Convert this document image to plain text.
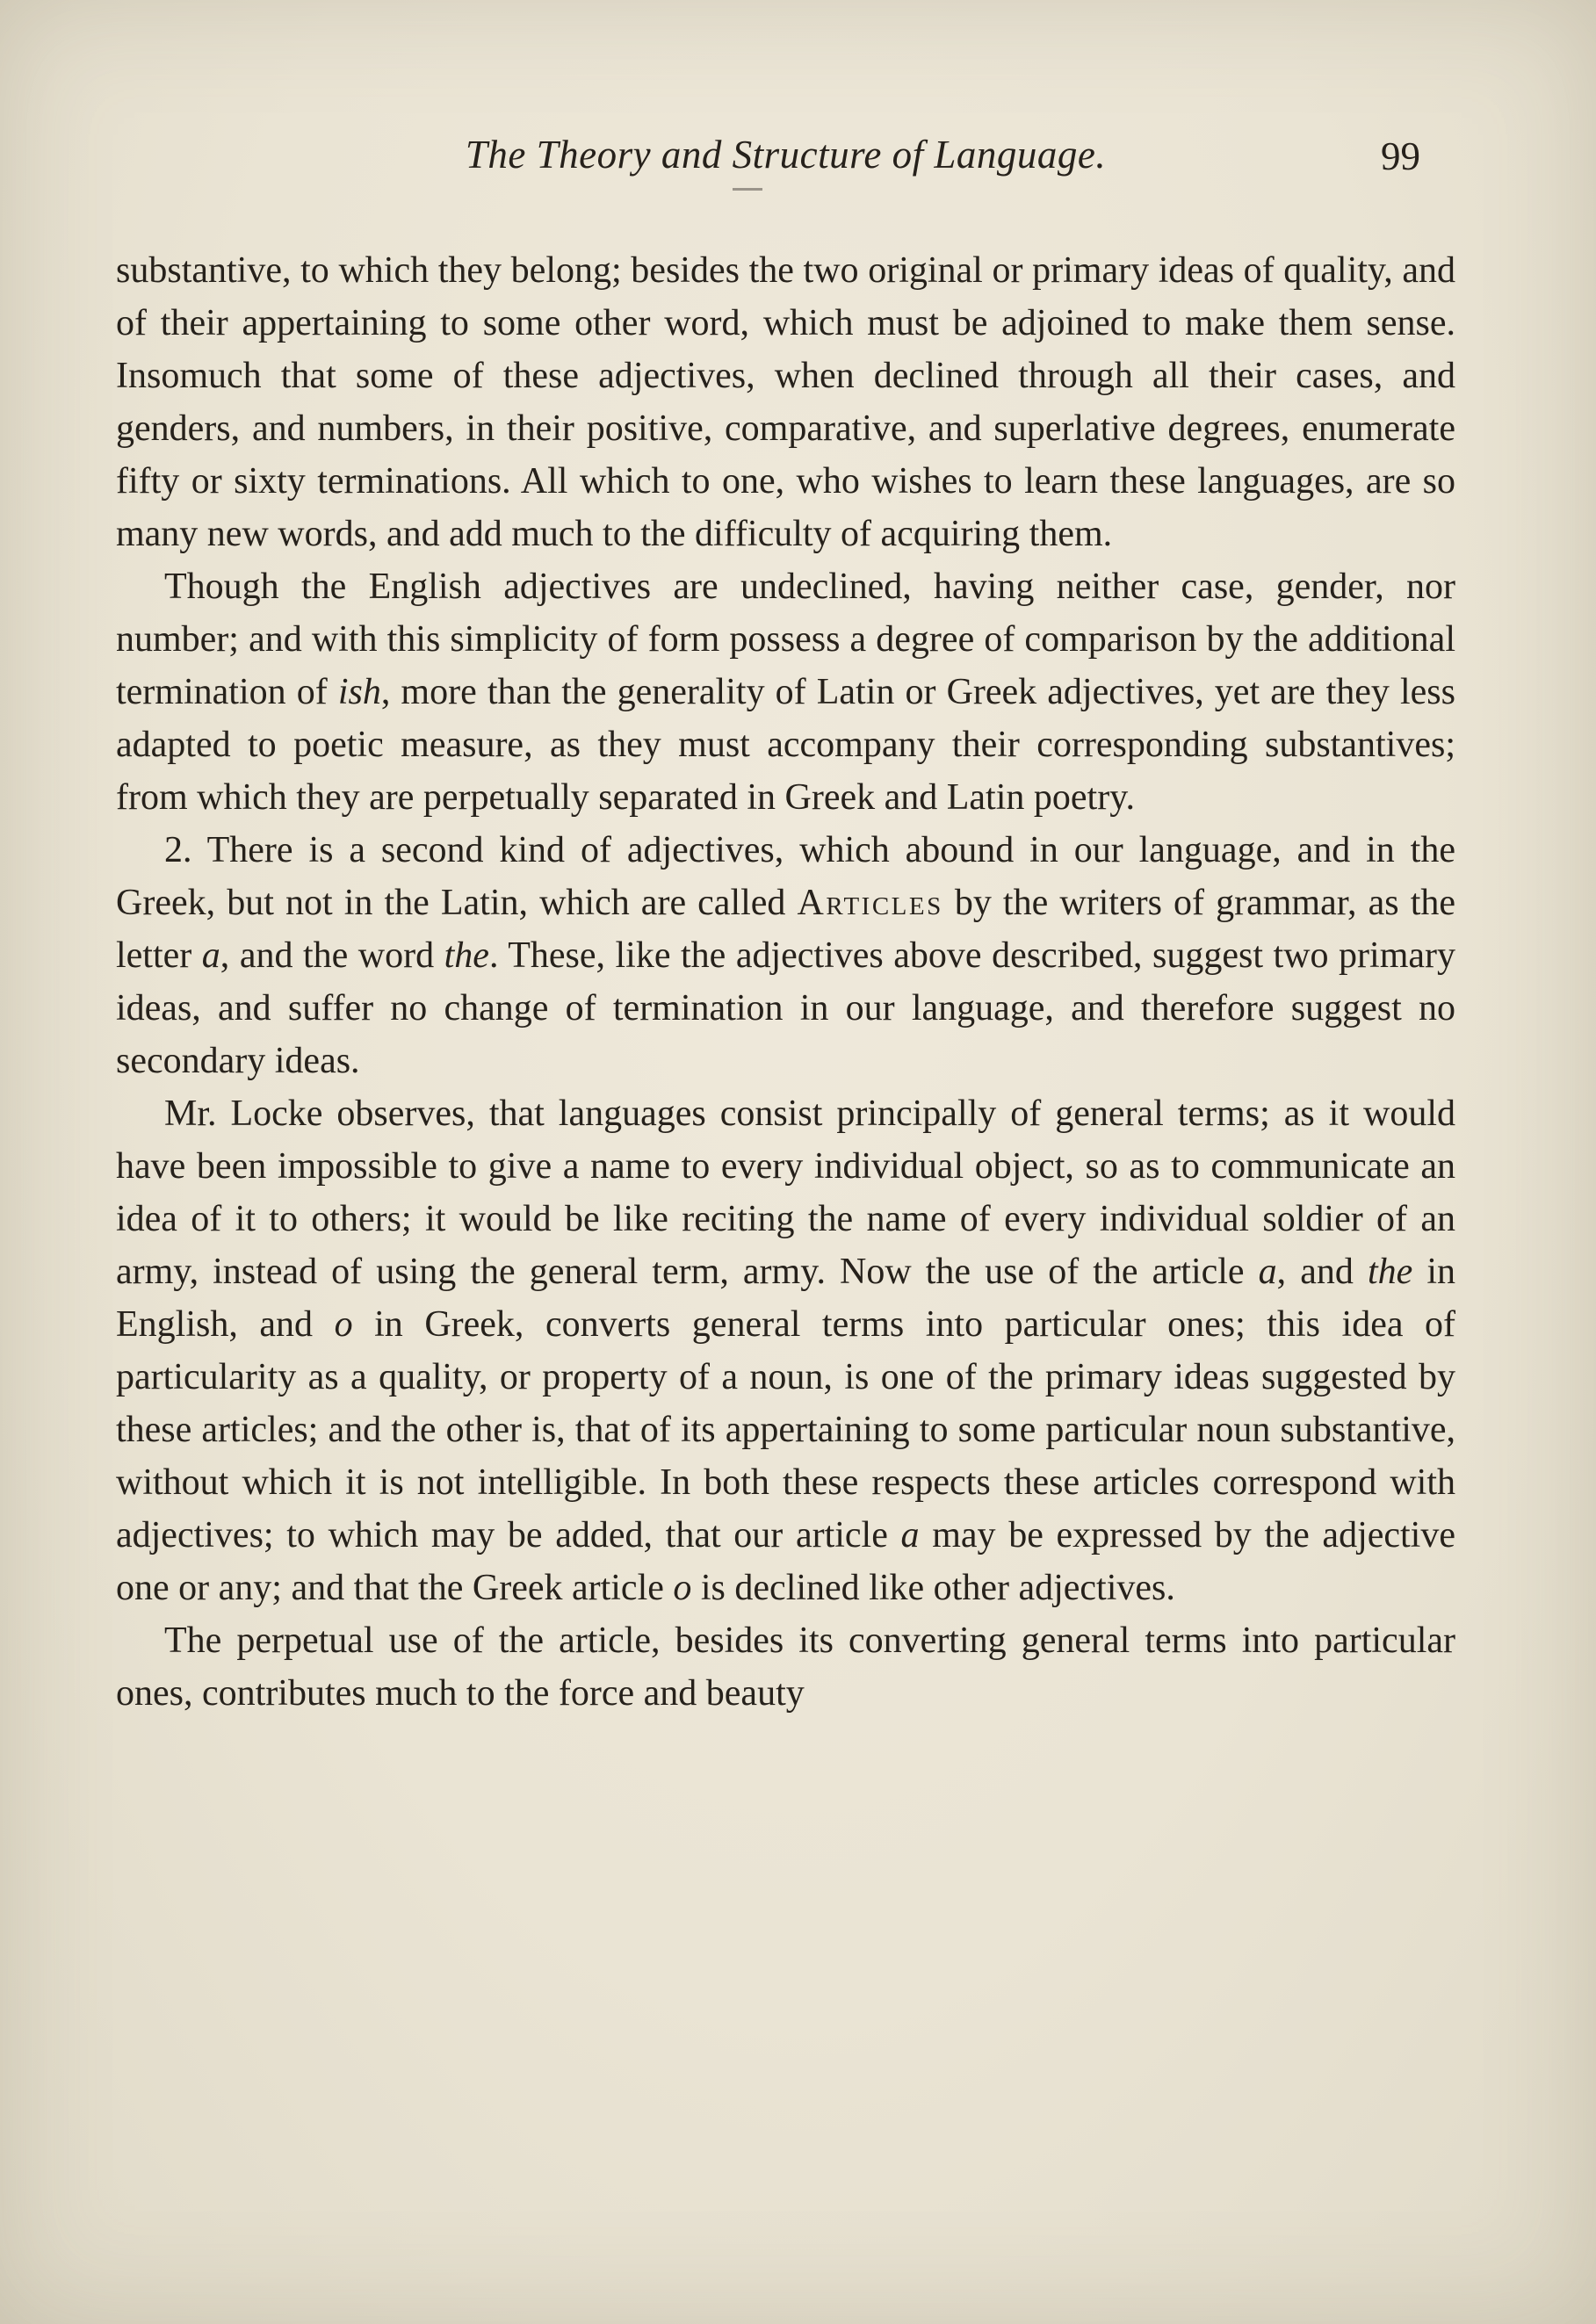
The Theory and Structure of Language.	99

substantive, to which they belong; besides the two original or primary ideas of quality, and of their appertaining to some other word, which must be adjoined to make them sense. Insomuch that some of these adjectives, when declined through all their cases, and genders, and numbers, in their positive, comparative, and superlative degrees, enumerate fifty or sixty terminations. All which to one, who wishes to learn these languages, are so many new words, and add much to the difficulty of acquiring them.

Though the English adjectives are undeclined, having neither case, gender, nor number; and with this simplicity of form possess a degree of comparison by the additional termination of ish, more than the generality of Latin or Greek adjectives, yet are they less adapted to poetic measure, as they must accompany their corresponding substantives; from which they are perpetually separated in Greek and Latin poetry.

2. There is a second kind of adjectives, which abound in our language, and in the Greek, but not in the Latin, which are called Articles by the writers of grammar, as the letter a, and the word the. These, like the adjectives above described, suggest two primary ideas, and suffer no change of termination in our language, and therefore suggest no secondary ideas.

Mr. Locke observes, that languages consist principally of general terms; as it would have been impossible to give a name to every individual object, so as to communicate an idea of it to others; it would be like reciting the name of every individual soldier of an army, instead of using the general term, army. Now the use of the article a, and the in English, and o in Greek, converts general terms into particular ones; this idea of particularity as a quality, or property of a noun, is one of the primary ideas suggested by these articles; and the other is, that of its appertaining to some particular noun substantive, without which it is not intelligible. In both these respects these articles correspond with adjectives; to which may be added, that our article a may be expressed by the adjective one or any; and that the Greek article o is declined like other adjectives.

The perpetual use of the article, besides its converting general terms into particular ones, contributes much to the force and beauty
